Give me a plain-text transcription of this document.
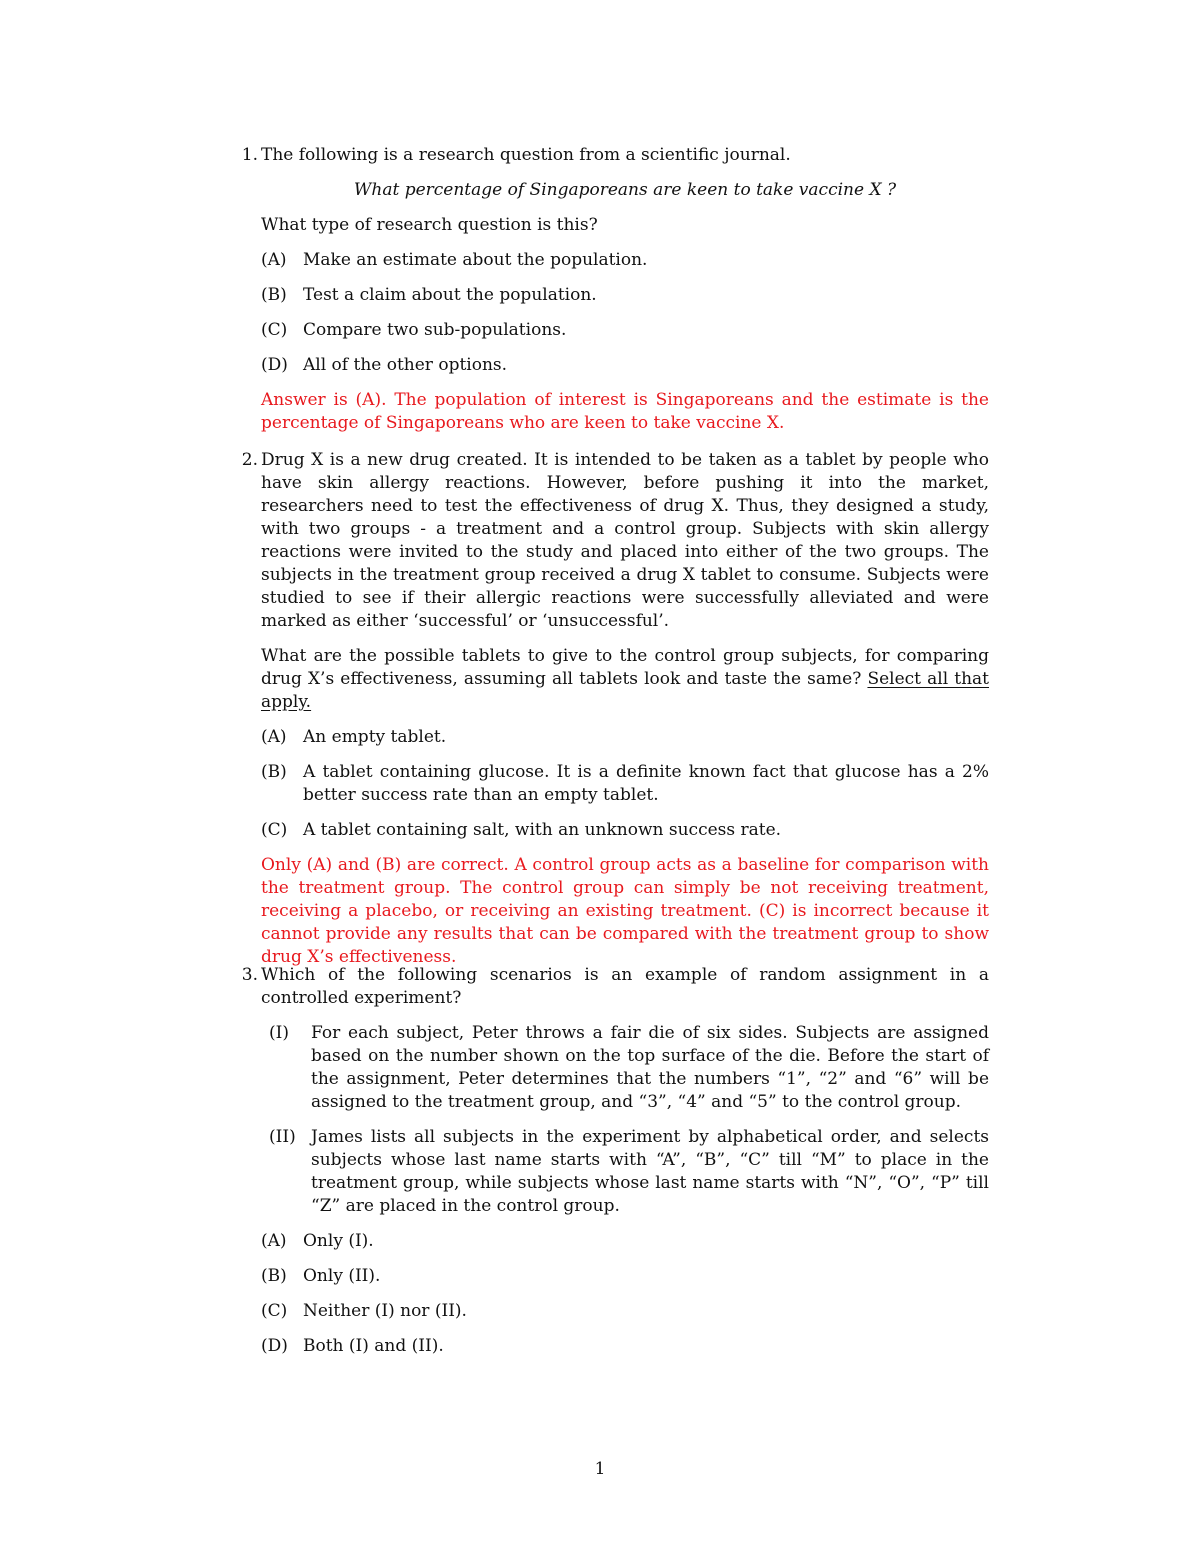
1. The following is a research question from a scientific journal.

What percentage of Singaporeans are keen to take vaccine X ?

What type of research question is this?

(A) Make an estimate about the population.
(B) Test a claim about the population.
(C) Compare two sub-populations.
(D) All of the other options.

Answer is (A). The population of interest is Singaporeans and the estimate is the percentage of Singaporeans who are keen to take vaccine X.

2. Drug X is a new drug created. It is intended to be taken as a tablet by people who have skin allergy reactions. However, before pushing it into the market, researchers need to test the effectiveness of drug X. Thus, they designed a study, with two groups - a treatment and a control group. Subjects with skin allergy reactions were invited to the study and placed into either of the two groups. The subjects in the treatment group received a drug X tablet to consume. Subjects were studied to see if their allergic reactions were successfully alleviated and were marked as either ‘successful’ or ‘unsuccessful’.

What are the possible tablets to give to the control group subjects, for comparing drug X’s effectiveness, assuming all tablets look and taste the same? Select all that apply.

(A) An empty tablet.
(B) A tablet containing glucose. It is a definite known fact that glucose has a 2% better success rate than an empty tablet.
(C) A tablet containing salt, with an unknown success rate.

Only (A) and (B) are correct. A control group acts as a baseline for comparison with the treatment group. The control group can simply be not receiving treatment, receiving a placebo, or receiving an existing treatment. (C) is incorrect because it cannot provide any results that can be compared with the treatment group to show drug X’s effectiveness.

3. Which of the following scenarios is an example of random assignment in a controlled experiment?

(I)	For each subject, Peter throws a fair die of six sides. Subjects are assigned based on the number shown on the top surface of the die. Before the start of the assignment, Peter determines that the numbers “1”, “2” and “6” will be assigned to the treatment group, and “3”, “4” and “5” to the control group.
(II) James lists all subjects in the experiment by alphabetical order, and selects subjects whose last name starts with “A”, “B”, “C” till “M” to place in the treatment group, while subjects whose last name starts with “N”, “O”, “P” till “Z” are placed in the control group.
(A) Only (I).
(B) Only (II).
(C) Neither (I) nor (II).
(D) Both (I) and (II).
1
